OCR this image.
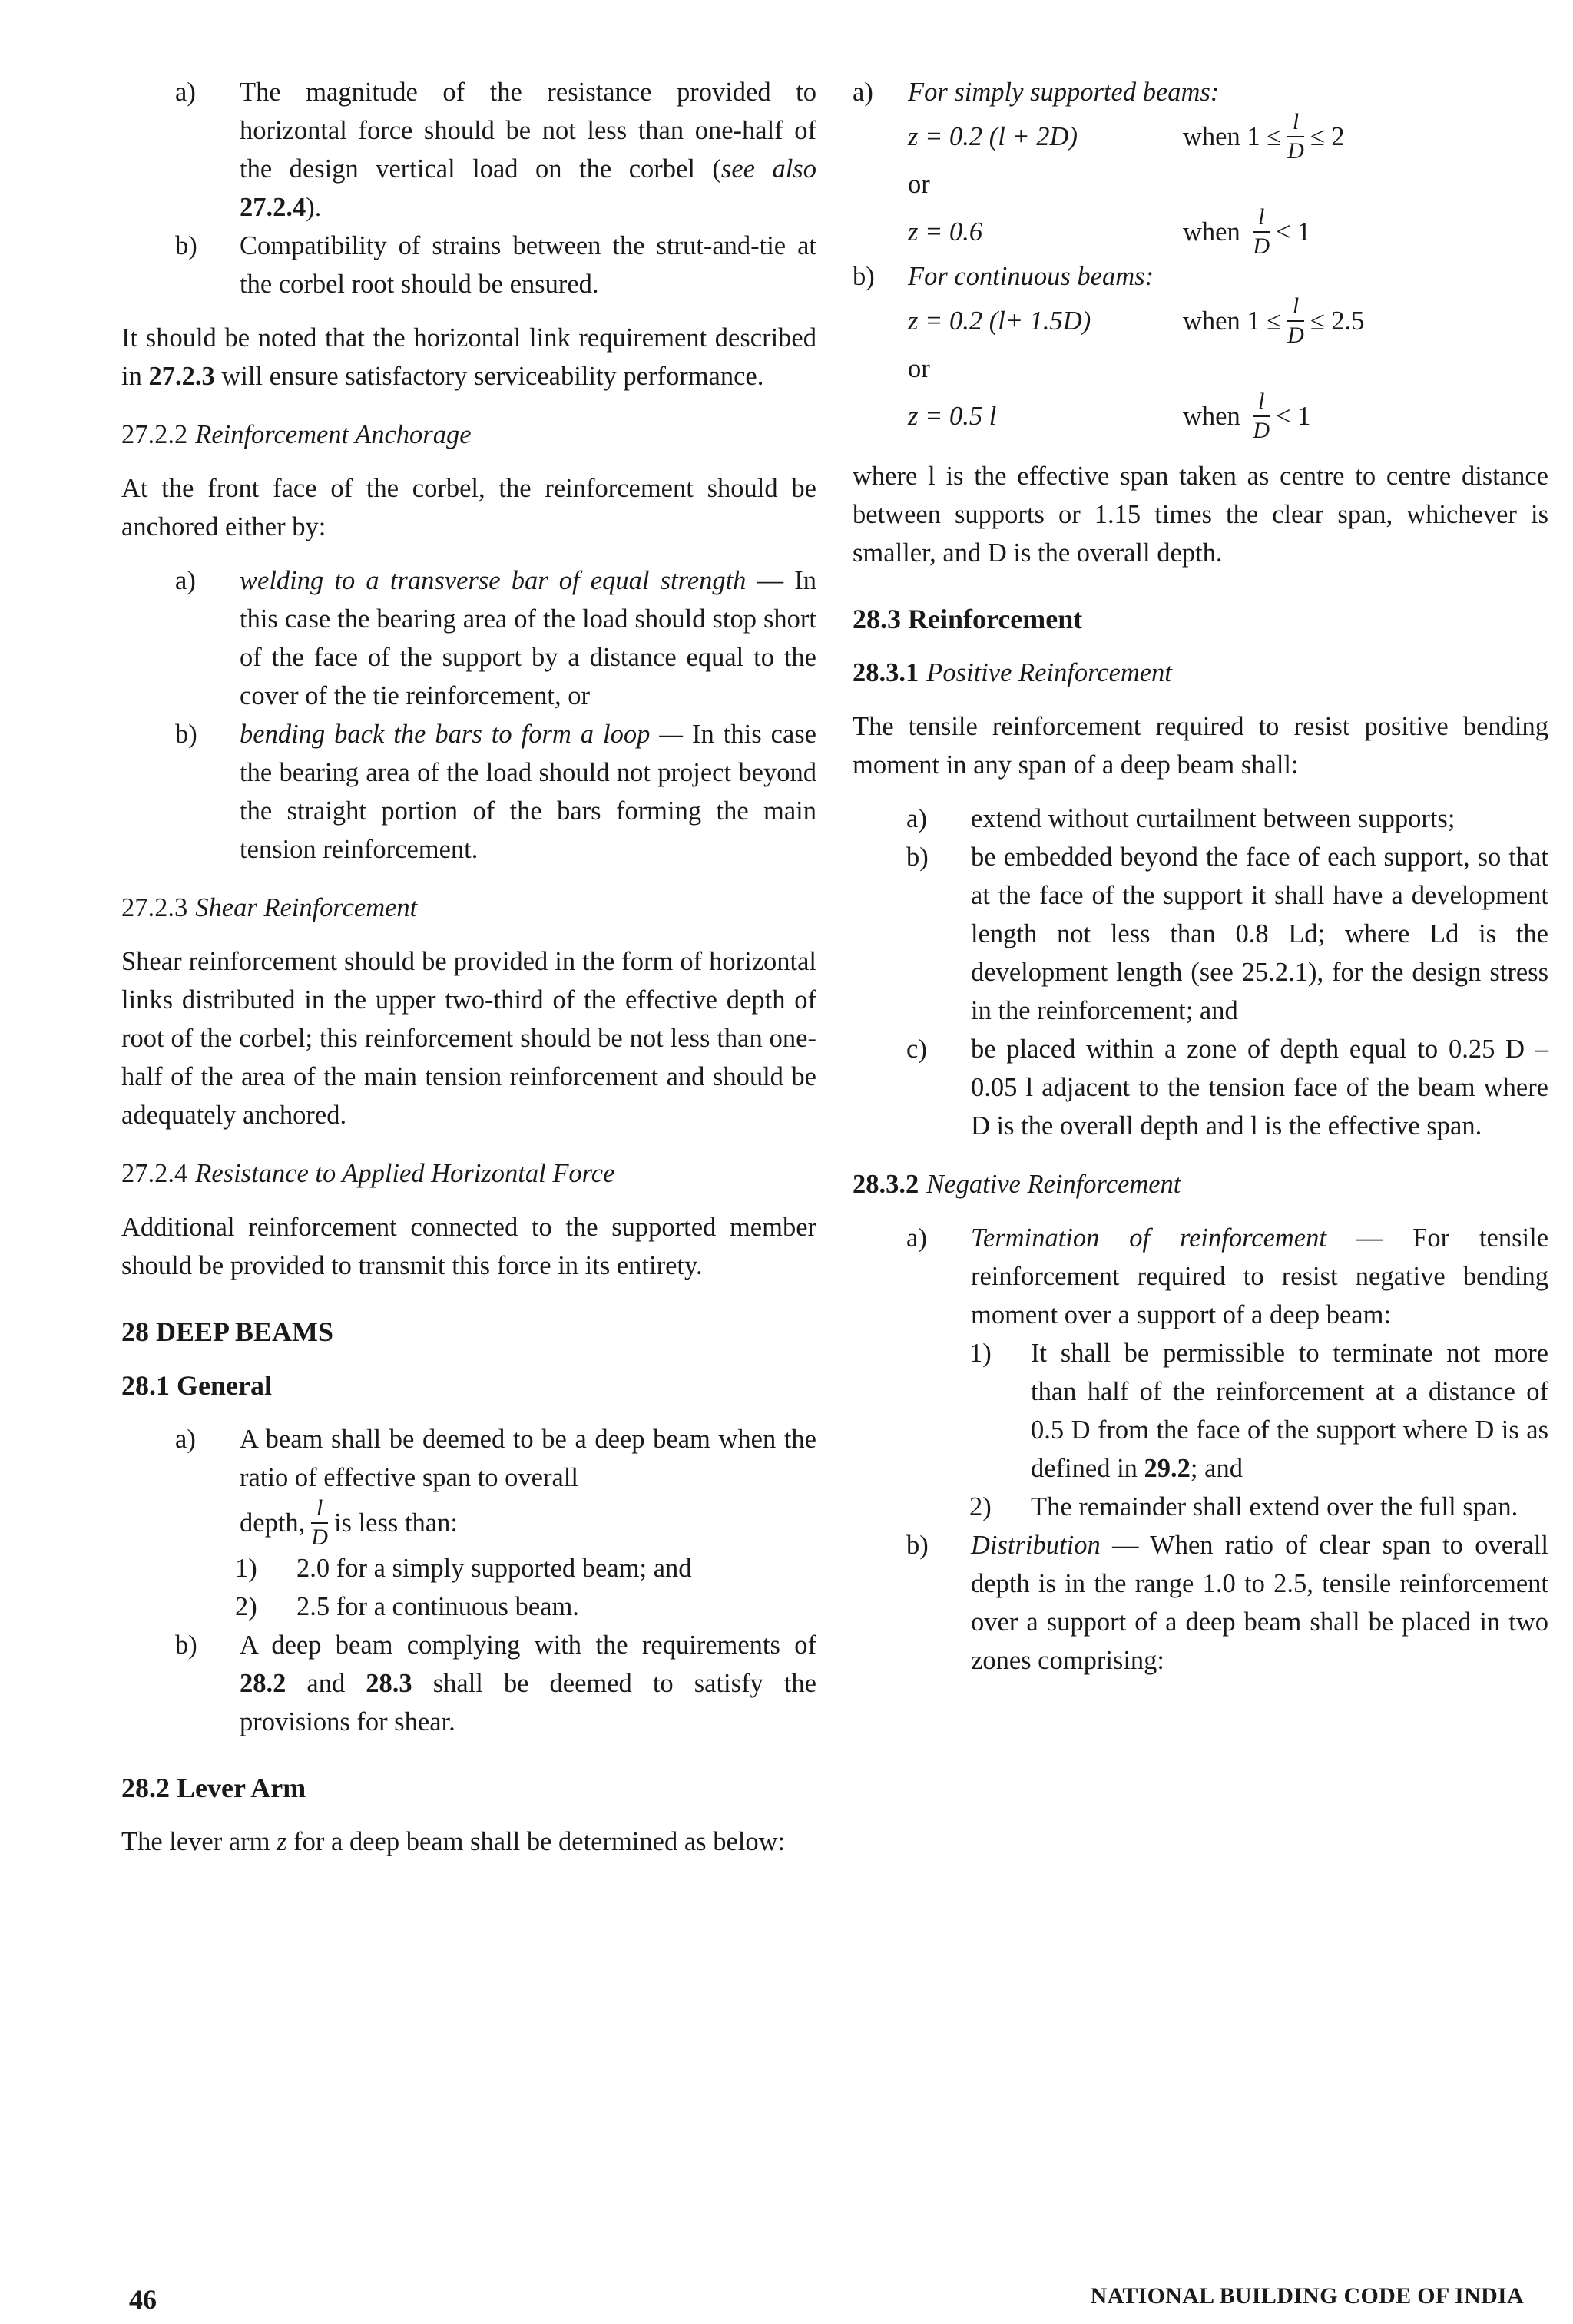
a)	The magnitude of the resistance provided to horizontal force should be not less than one-half of the design vertical load on the corbel (see also 27.2.4).

b)	Compatibility of strains between the strut-and-tie at the corbel root should be ensured.

It should be noted that the horizontal link requirement described in 27.2.3 will ensure satisfactory serviceability performance.

27.2.2 Reinforcement Anchorage

At the front face of the corbel, the reinforcement should be anchored either by:

a)	welding to a transverse bar of equal strength — In this case the bearing area of the load should stop short of the face of the support by a distance equal to the cover of the tie reinforcement, or

b)	bending back the bars to form a loop — In this case the bearing area of the load should not project beyond the straight portion of the bars forming the main tension reinforcement.

27.2.3 Shear Reinforcement

Shear reinforcement should be provided in the form of horizontal links distributed in the upper two-third of the effective depth of root of the corbel; this reinforcement should be not less than one-half of the area of the main tension reinforcement and should be adequately anchored.

27.2.4 Resistance to Applied Horizontal Force

Additional reinforcement connected to the supported member should be provided to transmit this force in its entirety.

28 DEEP BEAMS

28.1 General

a)	A beam shall be deemed to be a deep beam when the ratio of effective span to overall

depth, $\frac{l}{D}$ is less than:

1)	2.0 for a simply supported beam; and

2)	2.5 for a continuous beam.

b)	A deep beam complying with the requirements of 28.2 and 28.3 shall be deemed to satisfy the provisions for shear.

28.2 Lever Arm

The lever arm z for a deep beam shall be determined as below:

a)	For simply supported beams:

z = 0.2 (l + 2D)	when
$1 \le \frac{l}{D} \le 2$

or

z = 0.6	when
$\frac{l}{D} < 1$
b)	For continuous beams:

z = 0.2 (l+ 1.5D)	when
$1 \le \frac{l}{D} \le 2.5$

or

z = 0.5 l	when
$\frac{l}{D} < 1$

where l is the effective span taken as centre to centre distance between supports or 1.15 times the clear span, whichever is smaller, and D is the overall depth.

28.3 Reinforcement

28.3.1 Positive Reinforcement

The tensile reinforcement required to resist positive bending moment in any span of a deep beam shall:

a)	extend without curtailment between supports;

b)	be embedded beyond the face of each support, so that at the face of the support it shall have a development length not less than 0.8 Ld; where Ld is the development length (see 25.2.1), for the design stress in the reinforcement; and

c)	be placed within a zone of depth equal to 0.25 D – 0.05 l adjacent to the tension face of the beam where D is the overall depth and l is the effective span.

28.3.2 Negative Reinforcement

a)	Termination of reinforcement — For tensile reinforcement required to resist negative bending moment over a support of a deep beam:

1)	It shall be permissible to terminate not more than half of the reinforcement at a distance of 0.5 D from the face of the support where D is as defined in 29.2; and

2)	The remainder shall extend over the full span.

b)	Distribution — When ratio of clear span to overall depth is in the range 1.0 to 2.5, tensile reinforcement over a support of a deep beam shall be placed in two zones comprising:

46	NATIONAL BUILDING CODE OF INDIA
